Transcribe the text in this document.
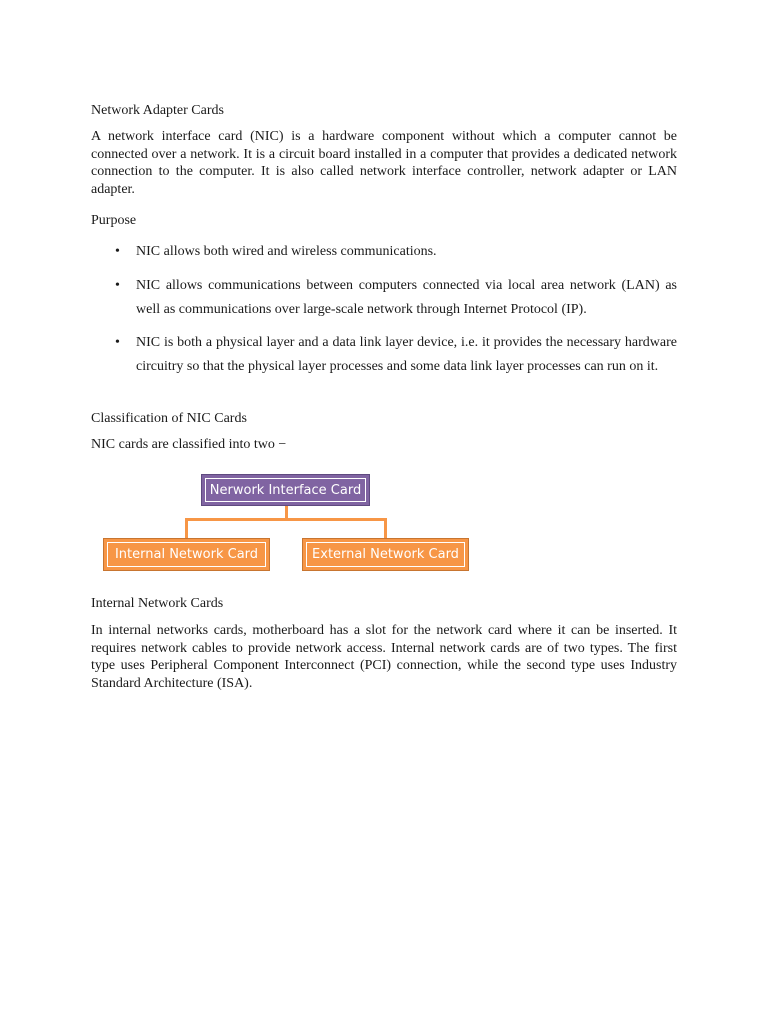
Network Adapter Cards

A network interface card (NIC) is a hardware component without which a computer cannot be connected over a network. It is a circuit board installed in a computer that provides a dedicated network connection to the computer. It is also called network interface controller, network adapter or LAN adapter.

Purpose
•	NIC allows both wired and wireless communications.
•	NIC allows communications between computers connected via local area network (LAN) as well as communications over large-scale network through Internet Protocol (IP).
•	NIC is both a physical layer and a data link layer device, i.e. it provides the necessary hardware circuitry so that the physical layer processes and some data link layer processes can run on it.
Classification of NIC Cards

NIC cards are classified into two −

Internal Network Cards

In internal networks cards, motherboard has a slot for the network card where it can be inserted. It requires network cables to provide network access. Internal network cards are of two types. The first type uses Peripheral Component Interconnect (PCI) connection, while the second type uses Industry Standard Architecture (ISA).

Nerwork Interface Card
Internal Network Card	External Network Card
